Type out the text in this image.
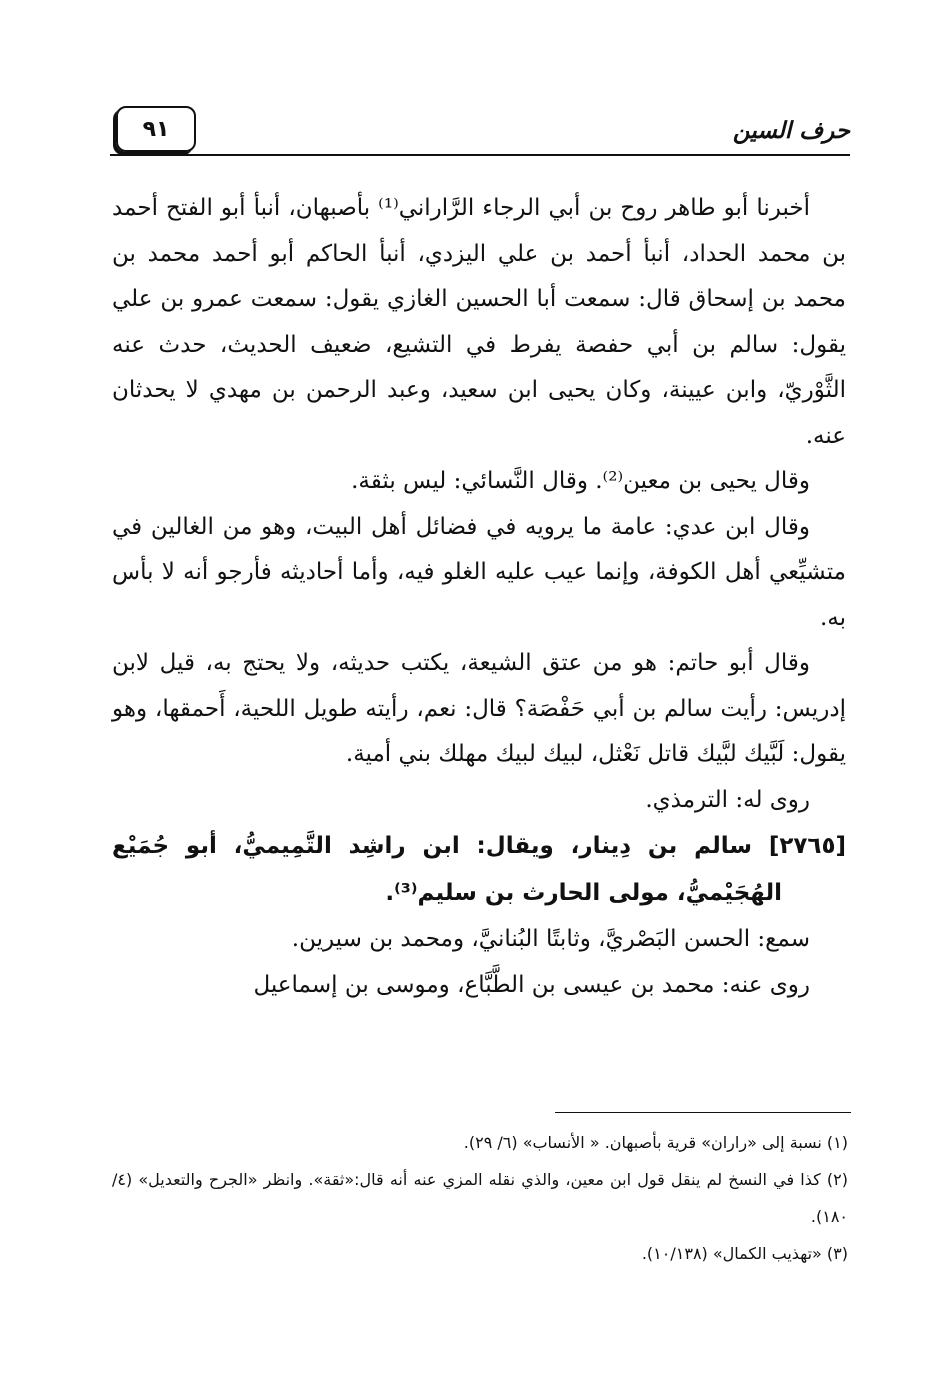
حرف السين
٩١

أخبرنا أبو طاهر روح بن أبي الرجاء الرَّاراني⁽¹⁾ بأصبهان، أنبأ أبو الفتح أحمد بن محمد الحداد، أنبأ أحمد بن علي اليزدي، أنبأ الحاكم أبو أحمد محمد بن محمد بن إسحاق قال: سمعت أبا الحسين الغازي يقول: سمعت عمرو بن علي يقول: سالم بن أبي حفصة يفرط في التشيع، ضعيف الحديث، حدث عنه الثَّوْريّ، وابن عيينة، وكان يحيى ابن سعيد، وعبد الرحمن بن مهدي لا يحدثان عنه.

وقال يحيى بن معين⁽²⁾. وقال النَّسائي: ليس بثقة.

وقال ابن عدي: عامة ما يرويه في فضائل أهل البيت، وهو من الغالين في متشيِّعي أهل الكوفة، وإنما عيب عليه الغلو فيه، وأما أحاديثه فأرجو أنه لا بأس به.

وقال أبو حاتم: هو من عتق الشيعة، يكتب حديثه، ولا يحتج به، قيل لابن إدريس: رأيت سالم بن أبي حَفْصَة؟ قال: نعم، رأيته طويل اللحية، أَحمقها، وهو يقول: لَبَّيك لبَّيك قاتل نَعْثل، لبيك لبيك مهلك بني أمية.

روى له: الترمذي.

[٢٧٦٥] سالم بن دِينار، ويقال: ابن راشِد التَّمِيميُّ، أبو جُمَيْع الهُجَيْميُّ، مولى الحارث بن سليم⁽³⁾.

سمع: الحسن البَصْريَّ، وثابتًا البُنانيَّ، ومحمد بن سيرين.

روى عنه: محمد بن عيسى بن الطَّبَّاع، وموسى بن إسماعيل

(١) نسبة إلى «راران» قرية بأصبهان. « الأنساب» (٦/ ٢٩).

(٢) كذا في النسخ لم ينقل قول ابن معين، والذي نقله المزي عنه أنه قال:«ثقة». وانظر «الجرح والتعديل» (٤/ ١٨٠).

(٣) «تهذيب الكمال» (١٠/١٣٨).
